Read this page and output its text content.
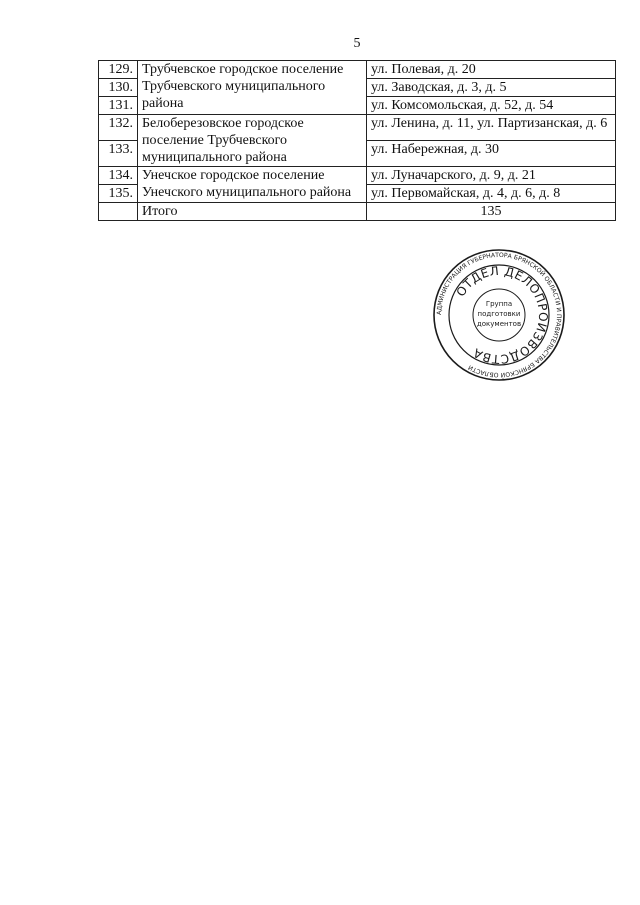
5
129.	Трубчевское городское поселение Трубчевского муниципального района	ул. Полевая, д. 20
130.		ул. Заводская, д. 3, д. 5
131.		ул. Комсомольская, д. 52, д. 54
132.	Белоберезовское городское поселение Трубчевского муниципального района	ул. Ленина, д. 11, ул. Партизанская, д. 6
133.		ул. Набережная, д. 30
134.	Унечское городское поселение Унечского муниципального района	ул. Луначарского, д. 9, д. 21
135.		ул. Первомайская, д. 4, д. 6, д. 8
	Итого	135
АДМИНИСТРАЦИЯ ГУБЕРНАТОРА БРЯНСКОЙ ОБЛАСТИ И ПРАВИТЕЛЬСТВА БРЯНСКОЙ ОБЛАСТИ
ОТДЕЛ ДЕЛОПРОИЗВОДСТВА
Группа
подготовки
документов
